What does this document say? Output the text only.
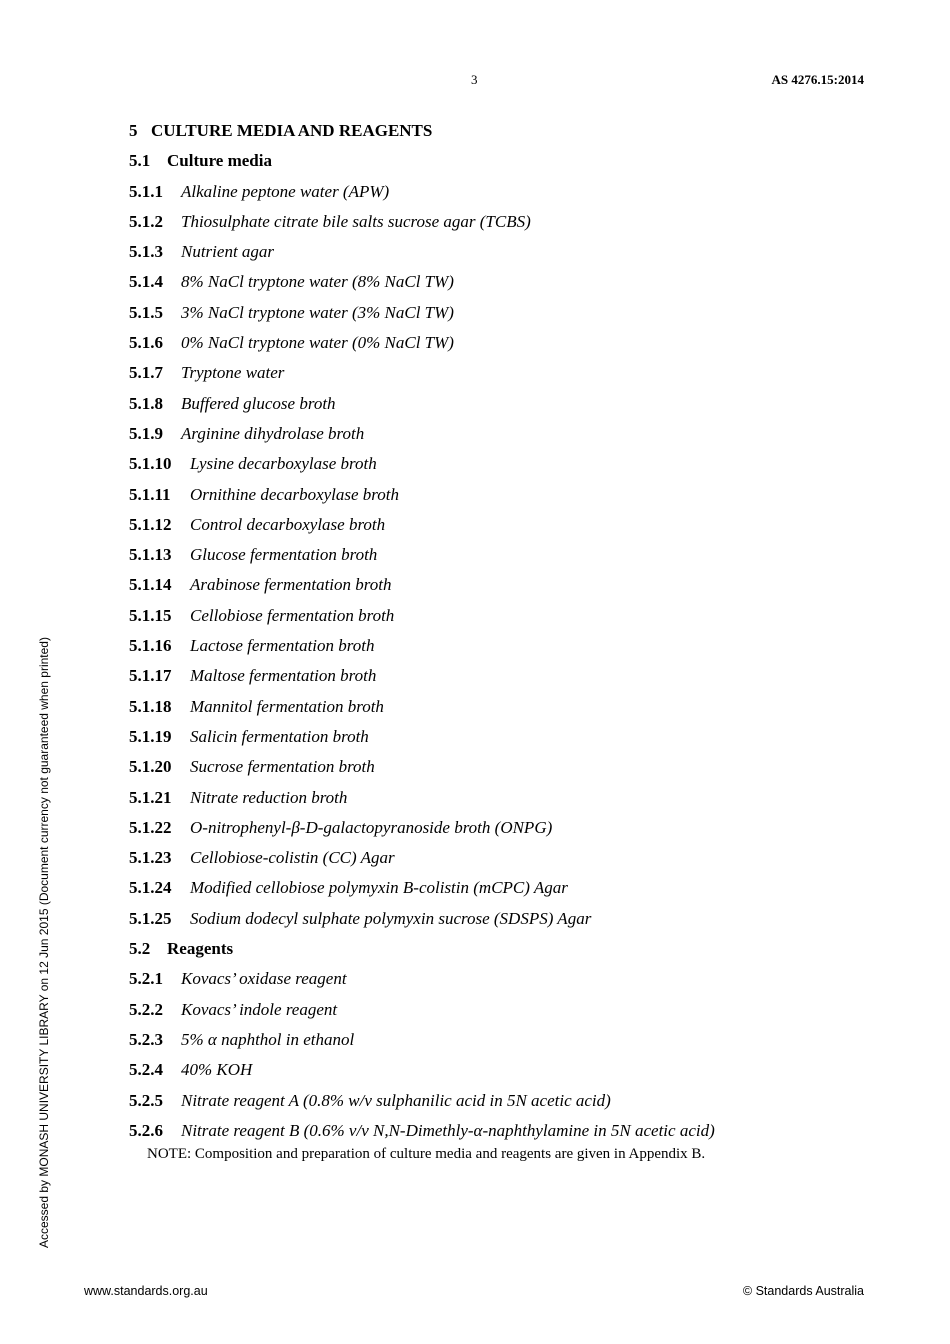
3	AS 4276.15:2014
5 CULTURE MEDIA AND REAGENTS
5.1 Culture media
5.1.1 Alkaline peptone water (APW)
5.1.2 Thiosulphate citrate bile salts sucrose agar (TCBS)
5.1.3 Nutrient agar
5.1.4 8% NaCl tryptone water (8% NaCl TW)
5.1.5 3% NaCl tryptone water (3% NaCl TW)
5.1.6 0% NaCl tryptone water (0% NaCl TW)
5.1.7 Tryptone water
5.1.8 Buffered glucose broth
5.1.9 Arginine dihydrolase broth
5.1.10 Lysine decarboxylase broth
5.1.11 Ornithine decarboxylase broth
5.1.12 Control decarboxylase broth
5.1.13 Glucose fermentation broth
5.1.14 Arabinose fermentation broth
5.1.15 Cellobiose fermentation broth
5.1.16 Lactose fermentation broth
5.1.17 Maltose fermentation broth
5.1.18 Mannitol fermentation broth
5.1.19 Salicin fermentation broth
5.1.20 Sucrose fermentation broth
5.1.21 Nitrate reduction broth
5.1.22 O-nitrophenyl-β-D-galactopyranoside broth (ONPG)
5.1.23 Cellobiose-colistin (CC) Agar
5.1.24 Modified cellobiose polymyxin B-colistin (mCPC) Agar
5.1.25 Sodium dodecyl sulphate polymyxin sucrose (SDSPS) Agar
5.2 Reagents
5.2.1 Kovacs’ oxidase reagent
5.2.2 Kovacs’ indole reagent
5.2.3 5% α naphthol in ethanol
5.2.4 40% KOH
5.2.5 Nitrate reagent A (0.8% w/v sulphanilic acid in 5N acetic acid)
5.2.6 Nitrate reagent B (0.6% v/v N,N-Dimethly-α-naphthylamine in 5N acetic acid)
NOTE: Composition and preparation of culture media and reagents are given in Appendix B.
Accessed by MONASH UNIVERSITY LIBRARY on 12 Jun 2015 (Document currency not guaranteed when printed)
www.standards.org.au	© Standards Australia
